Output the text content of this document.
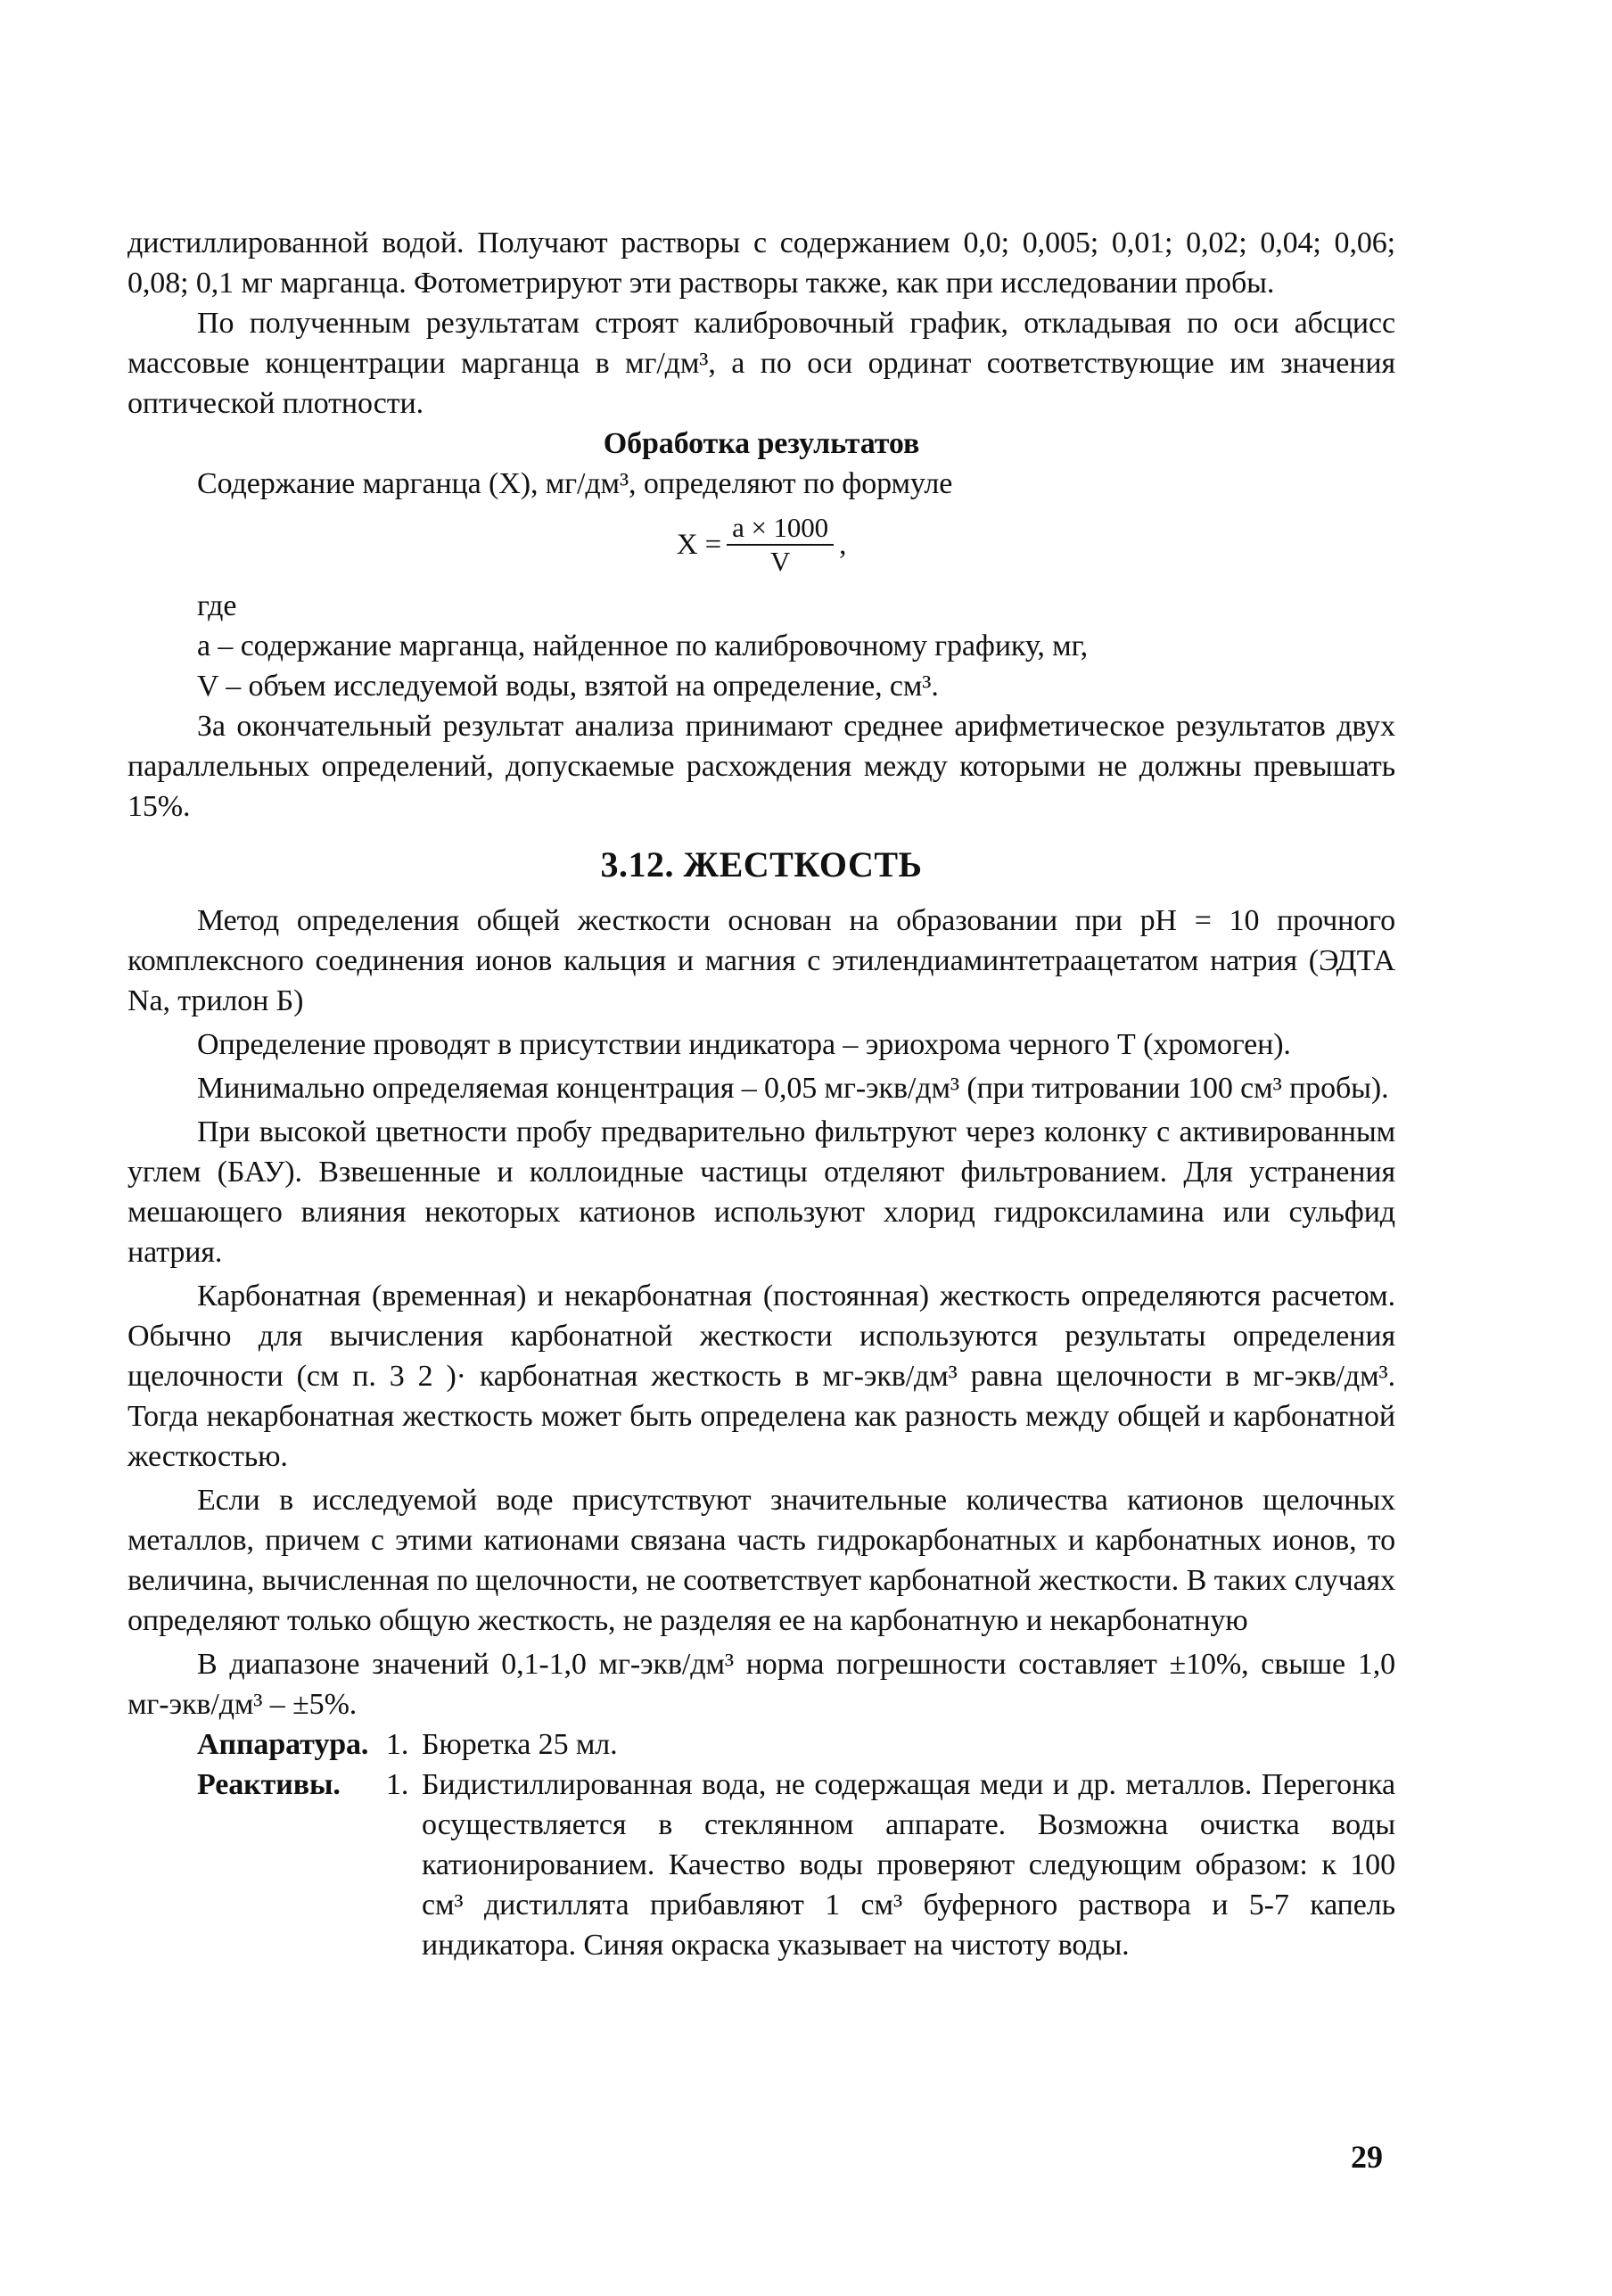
дистиллированной водой. Получают растворы с содержанием 0,0; 0,005; 0,01; 0,02; 0,04; 0,06; 0,08; 0,1 мг марганца. Фотометрируют эти растворы также, как при исследовании пробы.

По полученным результатам строят калибровочный график, откладывая по оси абсцисс массовые концентрации марганца в мг/дм³, а по оси ординат соответствующие им значения оптической плотности.

Обработка результатов

Содержание марганца (Х), мг/дм³, определяют по формуле

$X = \frac{a \times 1000}{V}$ ,

где

а – содержание марганца, найденное по калибровочному графику, мг,

V – объем исследуемой воды, взятой на определение, см³.

За окончательный результат анализа принимают среднее арифметическое результатов двух параллельных определений, допускаемые расхождения между которыми не должны превышать 15%.

3.12. ЖЕСТКОСТЬ

Метод определения общей жесткости основан на образовании при pH = 10 прочного комплексного соединения ионов кальция и магния с этилендиаминтетраацетатом натрия (ЭДТА Na, трилон Б)

Определение проводят в присутствии индикатора – эриохрома черного Т (хромоген).

Минимально определяемая концентрация – 0,05 мг-экв/дм³ (при титровании 100 см³ пробы).

При высокой цветности пробу предварительно фильтруют через колонку с активированным углем (БАУ). Взвешенные и коллоидные частицы отделяют фильтрованием. Для устранения мешающего влияния некоторых катионов используют хлорид гидроксиламина или сульфид натрия.

Карбонатная (временная) и некарбонатная (постоянная) жесткость определяются расчетом. Обычно для вычисления карбонатной жесткости используются результаты определения щелочности (см п. 3 2 )· карбонатная жесткость в мг-экв/дм³ равна щелочности в мг-экв/дм³. Тогда некарбонатная жесткость может быть определена как разность между общей и карбонатной жесткостью.

Если в исследуемой воде присутствуют значительные количества катионов щелочных металлов, причем с этими катионами связана часть гидрокарбонатных и карбонатных ионов, то величина, вычисленная по щелочности, не соответствует карбонатной жесткости. В таких случаях определяют только общую жесткость, не разделяя ее на карбонатную и некарбонатную

В диапазоне значений 0,1-1,0 мг-экв/дм³ норма погрешности составляет ±10%, свыше 1,0 мг-экв/дм³ – ±5%.

Аппаратура. 1. Бюретка 25 мл.
Реактивы.	1. Бидистиллированная вода, не содержащая меди и др. металлов. Перегонка осуществляется в стеклянном аппарате. Возможна очистка воды катионированием. Качество воды проверяют следующим образом: к 100 см³ дистиллята прибавляют 1 см³ буферного раствора и 5-7 капель индикатора. Синяя окраска указывает на чистоту воды.
29
